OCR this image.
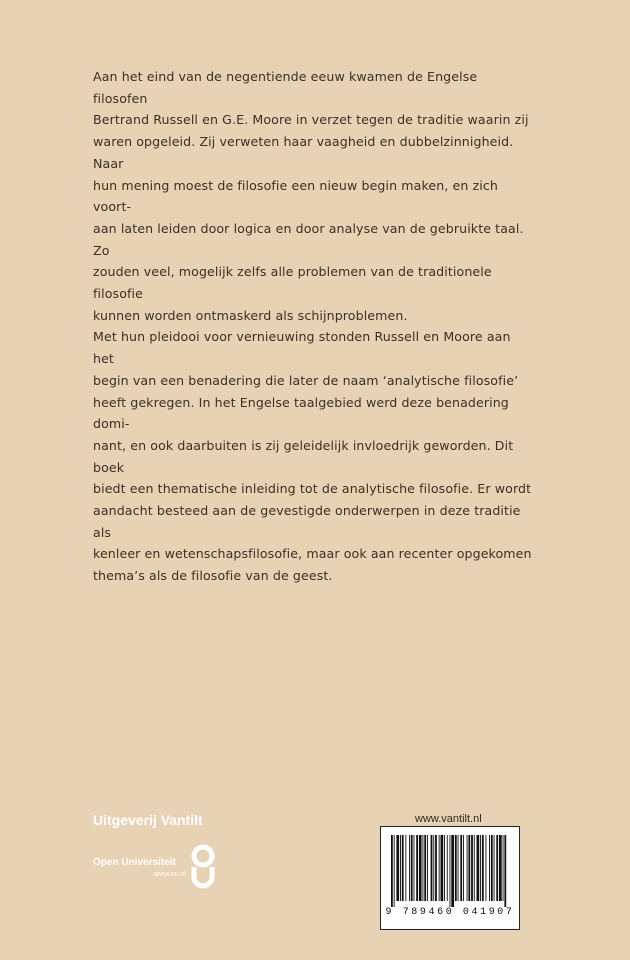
Aan het eind van de negentiende eeuw kwamen de Engelse filosofen
Bertrand Russell en G.E. Moore in verzet tegen de traditie waarin zij
waren opgeleid. Zij verweten haar vaagheid en dubbelzinnigheid. Naar
hun mening moest de filosofie een nieuw begin maken, en zich voort-
aan laten leiden door logica en door analyse van de gebruikte taal. Zo
zouden veel, mogelijk zelfs alle problemen van de traditionele filosofie
kunnen worden ontmaskerd als schijnproblemen.

Met hun pleidooi voor vernieuwing stonden Russell en Moore aan het
begin van een benadering die later de naam ‘analytische filosofie’
heeft gekregen. In het Engelse taalgebied werd deze benadering domi-
nant, en ook daarbuiten is zij geleidelijk invloedrijk geworden. Dit boek
biedt een thematische inleiding tot de analytische filosofie. Er wordt
aandacht besteed aan de gevestigde onderwerpen in deze traditie als
kenleer en wetenschapsfilosofie, maar ook aan recenter opgekomen
thema’s als de filosofie van de geest.

Uitgeverij Vantilt
Open Universiteit
www.ou.nl
www.vantilt.nl
9 789460 041907
